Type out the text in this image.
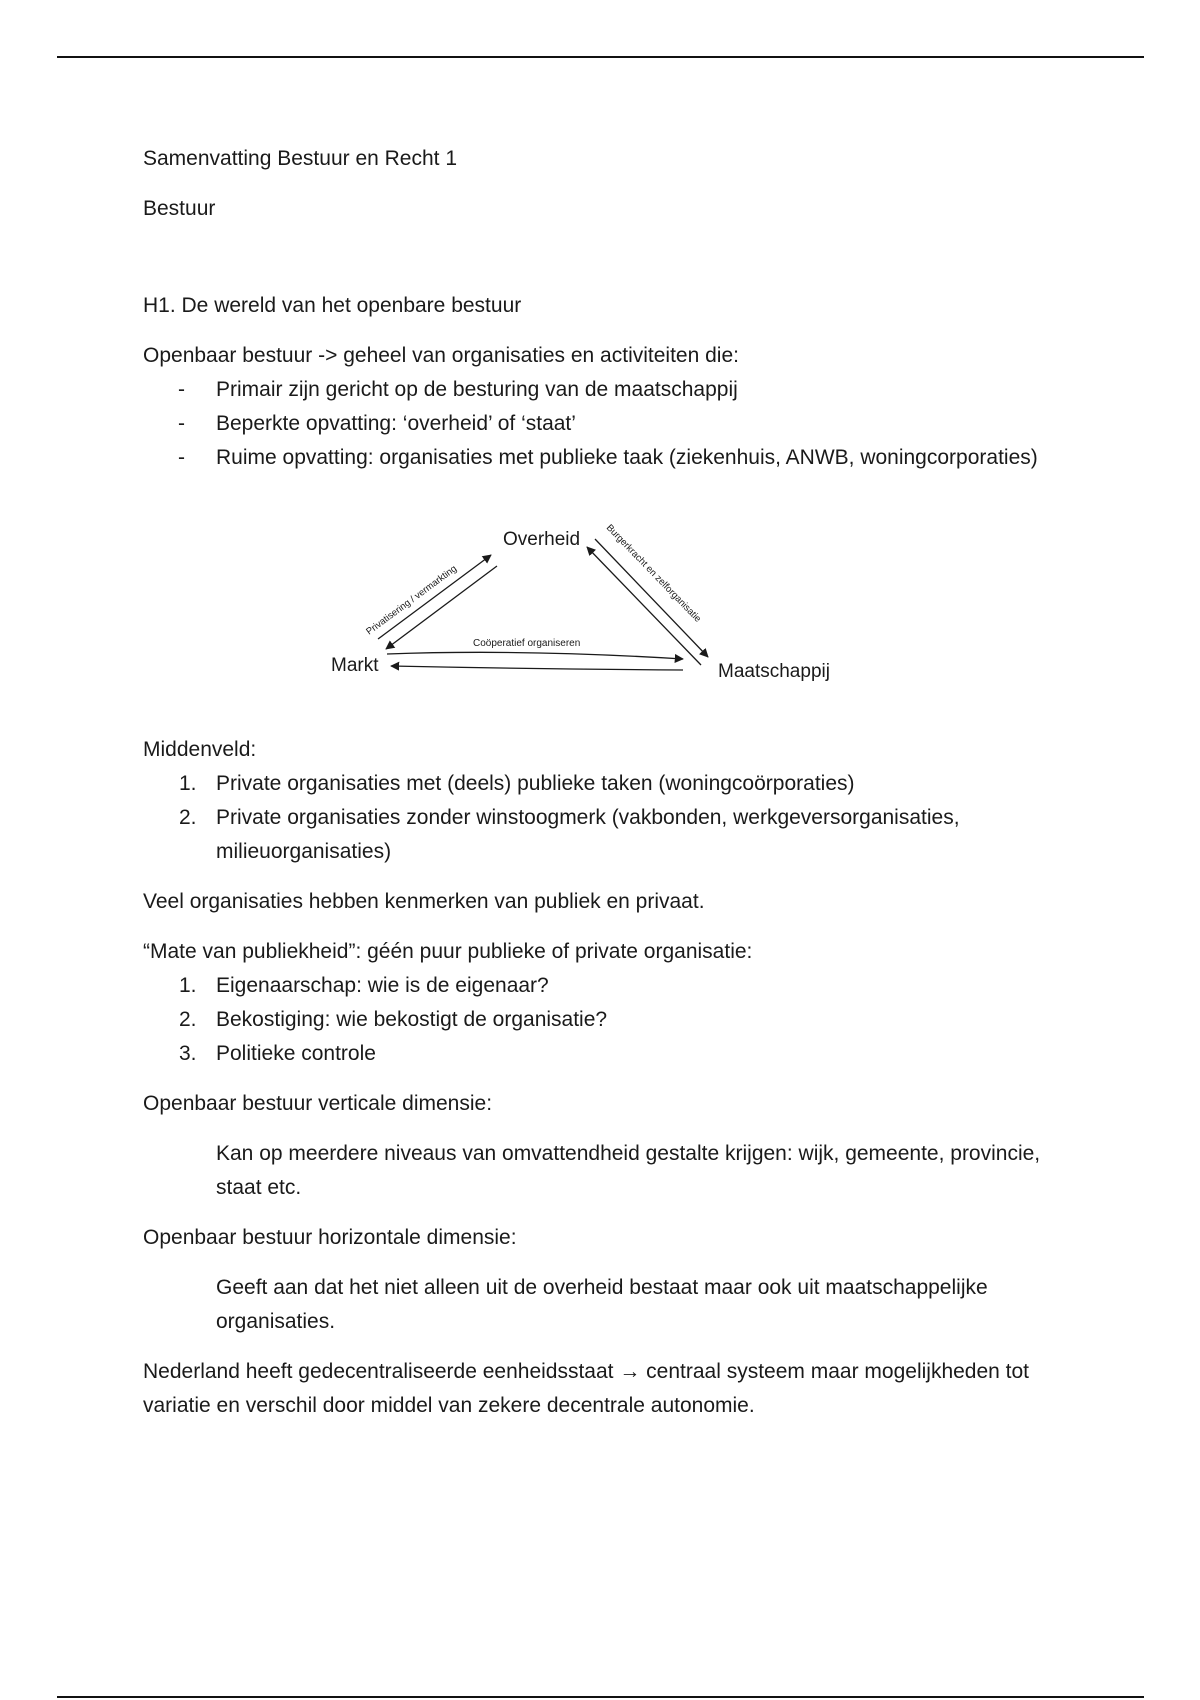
Samenvatting Bestuur en Recht 1

Bestuur

H1. De wereld van het openbare bestuur

Openbaar bestuur -> geheel van organisaties en activiteiten die:

- Primair zijn gericht op de besturing van de maatschappij
- Beperkte opvatting: ‘overheid’ of ‘staat’
- Ruime opvatting: organisaties met publieke taak (ziekenhuis, ANWB, woningcorporaties)
Overheid
Markt	Maatschappij
Privatisering / vermarkting	Burgerkracht en zelforganisatie
Coöperatief organiseren

Middenveld:

1. Private organisaties met (deels) publieke taken (woningcoörporaties)
2. Private organisaties zonder winstoogmerk (vakbonden, werkgeversorganisaties, milieuorganisaties)

Veel organisaties hebben kenmerken van publiek en privaat.

“Mate van publiekheid”: géén puur publieke of private organisatie:

1. Eigenaarschap: wie is de eigenaar?
2. Bekostiging: wie bekostigt de organisatie?
3. Politieke controle

Openbaar bestuur verticale dimensie:

Kan op meerdere niveaus van omvattendheid gestalte krijgen: wijk, gemeente, provincie, staat etc.

Openbaar bestuur horizontale dimensie:

Geeft aan dat het niet alleen uit de overheid bestaat maar ook uit maatschappelijke organisaties.

Nederland heeft gedecentraliseerde eenheidsstaat → centraal systeem maar mogelijkheden tot variatie en verschil door middel van zekere decentrale autonomie.
